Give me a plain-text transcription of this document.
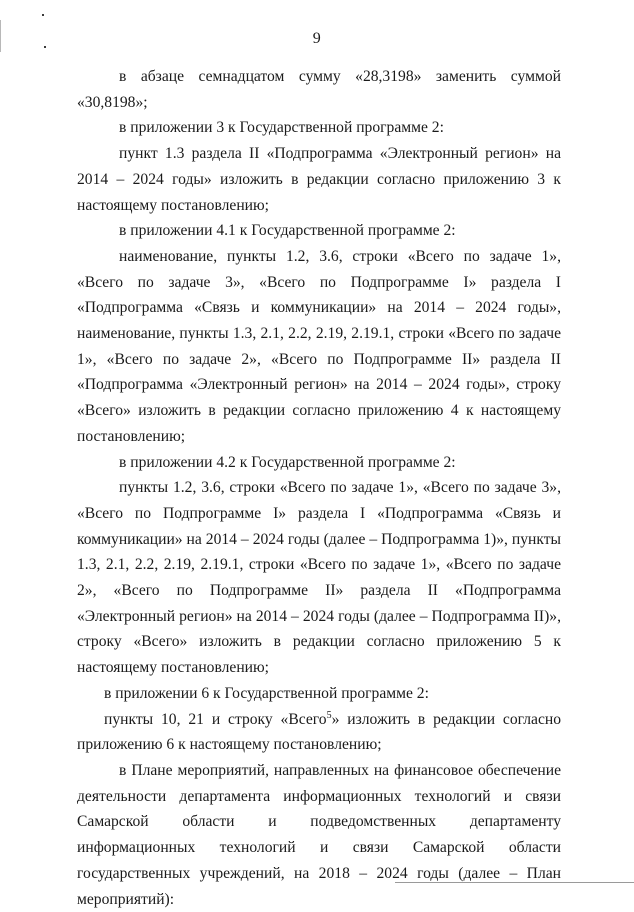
9

в абзаце семнадцатом сумму «28,3198» заменить суммой «30,8198»;

в приложении 3 к Государственной программе 2:

пункт 1.3 раздела II «Подпрограмма «Электронный регион» на 2014 – 2024 годы» изложить в редакции согласно приложению 3 к настоящему постановлению;

в приложении 4.1 к Государственной программе 2:

наименование, пункты 1.2, 3.6, строки «Всего по задаче 1», «Всего по задаче 3», «Всего по Подпрограмме I» раздела I «Подпрограмма «Связь и коммуникации» на 2014 – 2024 годы», наименование, пункты 1.3, 2.1, 2.2, 2.19, 2.19.1, строки «Всего по задаче 1», «Всего по задаче 2», «Всего по Подпрограмме II» раздела II «Подпрограмма «Электронный регион» на 2014 – 2024 годы», строку «Всего» изложить в редакции согласно приложению 4 к настоящему постановлению;

в приложении 4.2 к Государственной программе 2:

пункты 1.2, 3.6, строки «Всего по задаче 1», «Всего по задаче 3», «Всего по Подпрограмме I» раздела I «Подпрограмма «Связь и коммуникации» на 2014 – 2024 годы (далее – Подпрограмма 1)», пункты 1.3, 2.1, 2.2, 2.19, 2.19.1, строки «Всего по задаче 1», «Всего по задаче 2», «Всего по Подпрограмме II» раздела II «Подпрограмма «Электронный регион» на 2014 – 2024 годы (далее – Подпрограмма II)», строку «Всего» изложить в редакции согласно приложению 5 к настоящему постановлению;

в приложении 6 к Государственной программе 2:

пункты 10, 21 и строку «Всего$^5$» изложить в редакции согласно приложению 6 к настоящему постановлению;

в Плане мероприятий, направленных на финансовое обеспечение деятельности департамента информационных технологий и связи Самарской области и подведомственных департаменту информационных технологий и связи Самарской области государственных учреждений, на 2018 – 2024 годы (далее – План мероприятий):
